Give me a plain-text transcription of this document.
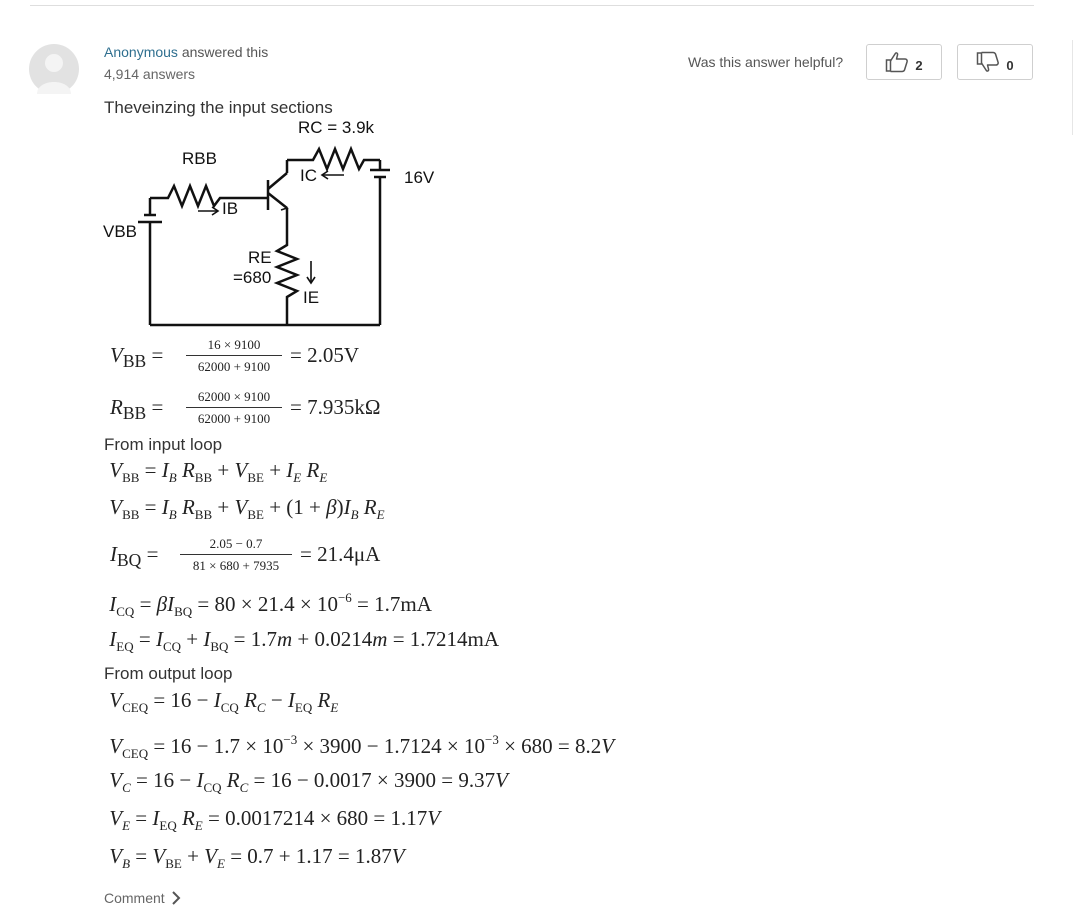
Anonymous answered this
4,914 answers
Was this answer helpful?	2	0
Theveinzing the input sections
RC = 3.9k
RBB
IC	16V
IB
VBB
RE
=680
IE
$V_{BB}$ =	16 × 9100
62000 + 9100 = 2.05V
$R_{BB}$ =	62000 × 9100
62000 + 9100 = 7.935kΩ
From input loop
$V_{BB} = I_B$ $R_{BB} + V_{BE} + I_E$ $R_E$
$V_{BB} = I_B$ $R_{BB} + V_{BE} + (1 + \beta)I_B$ $R_E$
$I_{BQ}$ =	2.05 − 0.7
81 × 680 + 7935 = 21.4μA
$I_{CQ} = \beta I_{BQ} = 80 \times 21.4 \times 10^{-6} = 1.7mA$
$I_{EQ} = I_{CQ} + I_{BQ} = 1.7m + 0.0214m = 1.7214mA$
From output loop
$V_{CEQ} = 16 - I_{CQ}$ $R_C - I_{EQ}$ $R_E$
$V_{CEQ} = 16 - 1.7 \times 10^{-3} \times 3900 - 1.7124 \times 10^{-3} \times 680 = 8.2V$
$V_C = 16 - I_{CQ}$ $R_C = 16 - 0.0017 \times 3900 = 9.37V$
$V_E = I_{EQ}$ $R_E = 0.0017214 \times 680 = 1.17V$
$V_B = V_{BE} + V_E = 0.7 + 1.17 = 1.87V$
Comment
